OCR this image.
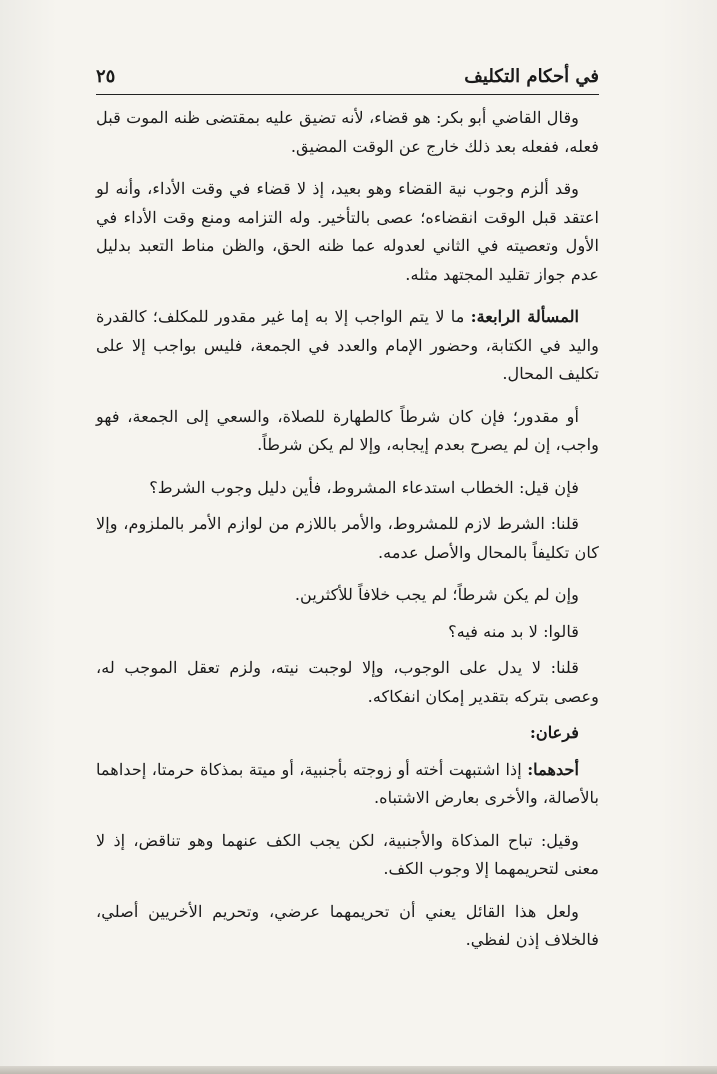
في أحكام التكليف
٢٥

وقال القاضي أبو بكر: هو قضاء، لأنه تضيق عليه بمقتضى ظنه الموت قبل فعله، ففعله بعد ذلك خارج عن الوقت المضيق.

وقد ألزم وجوب نية القضاء وهو بعيد، إذ لا قضاء في وقت الأداء، وأنه لو اعتقد قبل الوقت انقضاءه؛ عصى بالتأخير. وله التزامه ومنع وقت الأداء في الأول وتعصيته في الثاني لعدوله عما ظنه الحق، والظن مناط التعبد بدليل عدم جواز تقليد المجتهد مثله.

المسألة الرابعة: ما لا يتم الواجب إلا به إما غير مقدور للمكلف؛ كالقدرة واليد في الكتابة، وحضور الإمام والعدد في الجمعة، فليس بواجب إلا على تكليف المحال.

أو مقدور؛ فإن كان شرطاً كالطهارة للصلاة، والسعي إلى الجمعة، فهو واجب، إن لم يصرح بعدم إيجابه، وإلا لم يكن شرطاً.

فإن قيل: الخطاب استدعاء المشروط، فأين دليل وجوب الشرط؟

قلنا: الشرط لازم للمشروط، والأمر باللازم من لوازم الأمر بالملزوم، وإلا كان تكليفاً بالمحال والأصل عدمه.

وإن لم يكن شرطاً؛ لم يجب خلافاً للأكثرين.

قالوا: لا بد منه فيه؟

قلنا: لا يدل على الوجوب، وإلا لوجبت نيته، ولزم تعقل الموجب له، وعصى بتركه بتقدير إمكان انفكاكه.

فرعان:

أحدهما: إذا اشتبهت أخته أو زوجته بأجنبية، أو ميتة بمذكاة حرمتا، إحداهما بالأصالة، والأخرى بعارض الاشتباه.

وقيل: تباح المذكاة والأجنبية، لكن يجب الكف عنهما وهو تناقض، إذ لا معنى لتحريمهما إلا وجوب الكف.

ولعل هذا القائل يعني أن تحريمهما عرضي، وتحريم الأخريين أصلي، فالخلاف إذن لفظي.
